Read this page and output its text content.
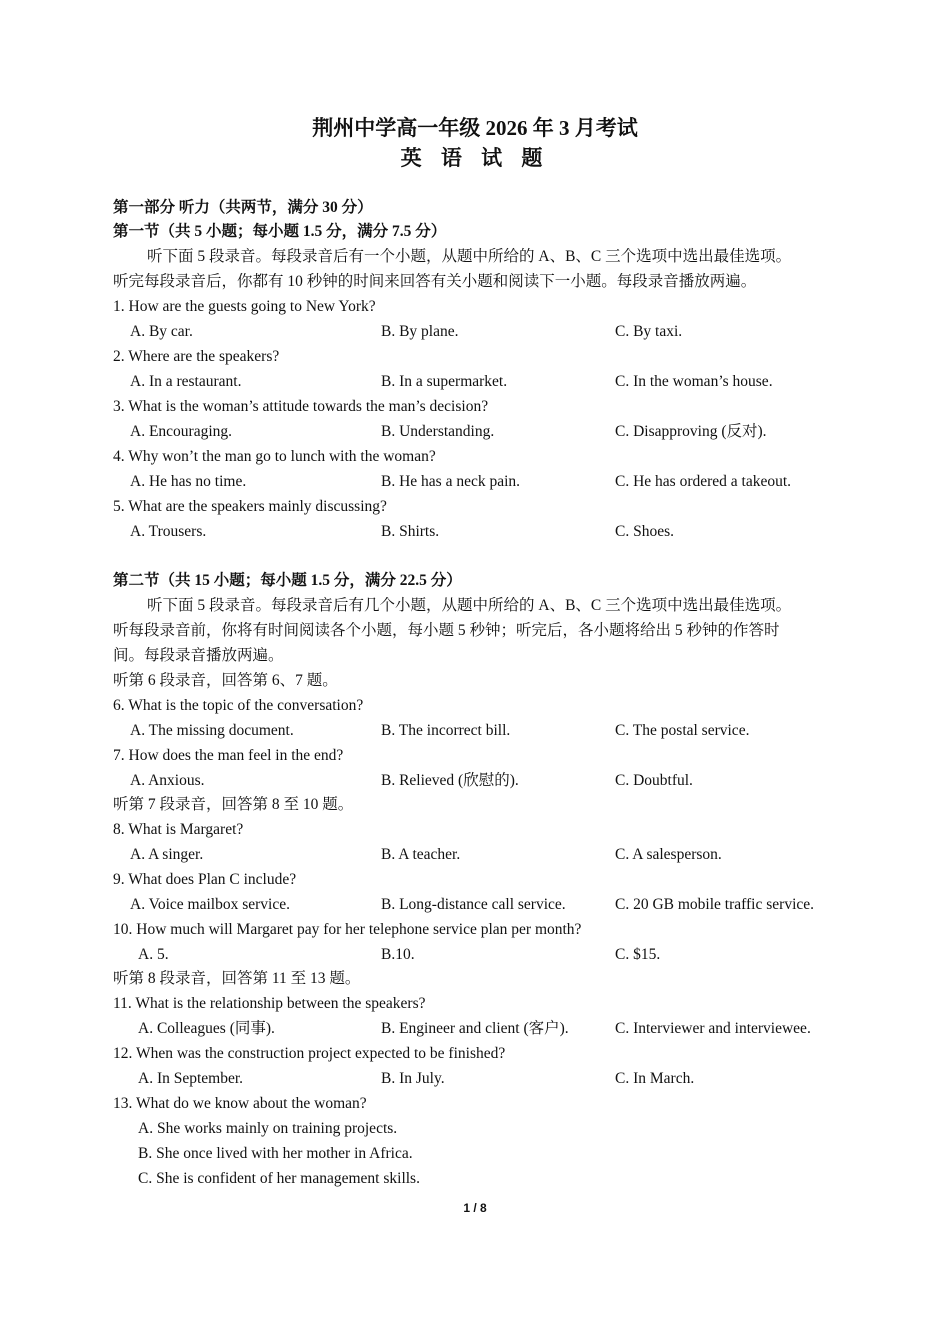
荆州中学高一年级 2026 年 3 月考试
英 语 试 题
第一部分 听力（共两节，满分 30 分）
第一节（共 5 小题；每小题 1.5 分，满分 7.5 分）
听下面 5 段录音。每段录音后有一个小题，从题中所给的 A、B、C 三个选项中选出最佳选项。
听完每段录音后，你都有 10 秒钟的时间来回答有关小题和阅读下一小题。每段录音播放两遍。
1. How are the guests going to New York?
A. By car.	B. By plane.	C. By taxi.
2. Where are the speakers?
A. In a restaurant.	B. In a supermarket.	C. In the woman’s house.
3. What is the woman’s attitude towards the man’s decision?
A. Encouraging.	B. Understanding.	C. Disapproving (反对).
4. Why won’t the man go to lunch with the woman?
A. He has no time.	B. He has a neck pain.	C. He has ordered a takeout.
5. What are the speakers mainly discussing?
A. Trousers.	B. Shirts.	C. Shoes.
第二节（共 15 小题；每小题 1.5 分，满分 22.5 分）
听下面 5 段录音。每段录音后有几个小题，从题中所给的 A、B、C 三个选项中选出最佳选项。
听每段录音前，你将有时间阅读各个小题，每小题 5 秒钟；听完后，各小题将给出 5 秒钟的作答时
间。每段录音播放两遍。
听第 6 段录音，回答第 6、7 题。
6. What is the topic of the conversation?
A. The missing document.	B. The incorrect bill.	C. The postal service.
7. How does the man feel in the end?
A. Anxious.	B. Relieved (欣慰的).	C. Doubtful.
听第 7 段录音，回答第 8 至 10 题。
8. What is Margaret?
A. A singer.	B. A teacher.	C. A salesperson.
9. What does Plan C include?
A. Voice mailbox service.	B. Long-distance call service.	C. 20 GB mobile traffic service.
10. How much will Margaret pay for her telephone service plan per month?
A. 5.	B.10.	C. $15.
听第 8 段录音，回答第 11 至 13 题。
11. What is the relationship between the speakers?
A. Colleagues (同事).	B. Engineer and client (客户).	C. Interviewer and interviewee.
12. When was the construction project expected to be finished?
A. In September.	B. In July.	C. In March.
13. What do we know about the woman?
A. She works mainly on training projects.
B. She once lived with her mother in Africa.
C. She is confident of her management skills.
1 / 8
